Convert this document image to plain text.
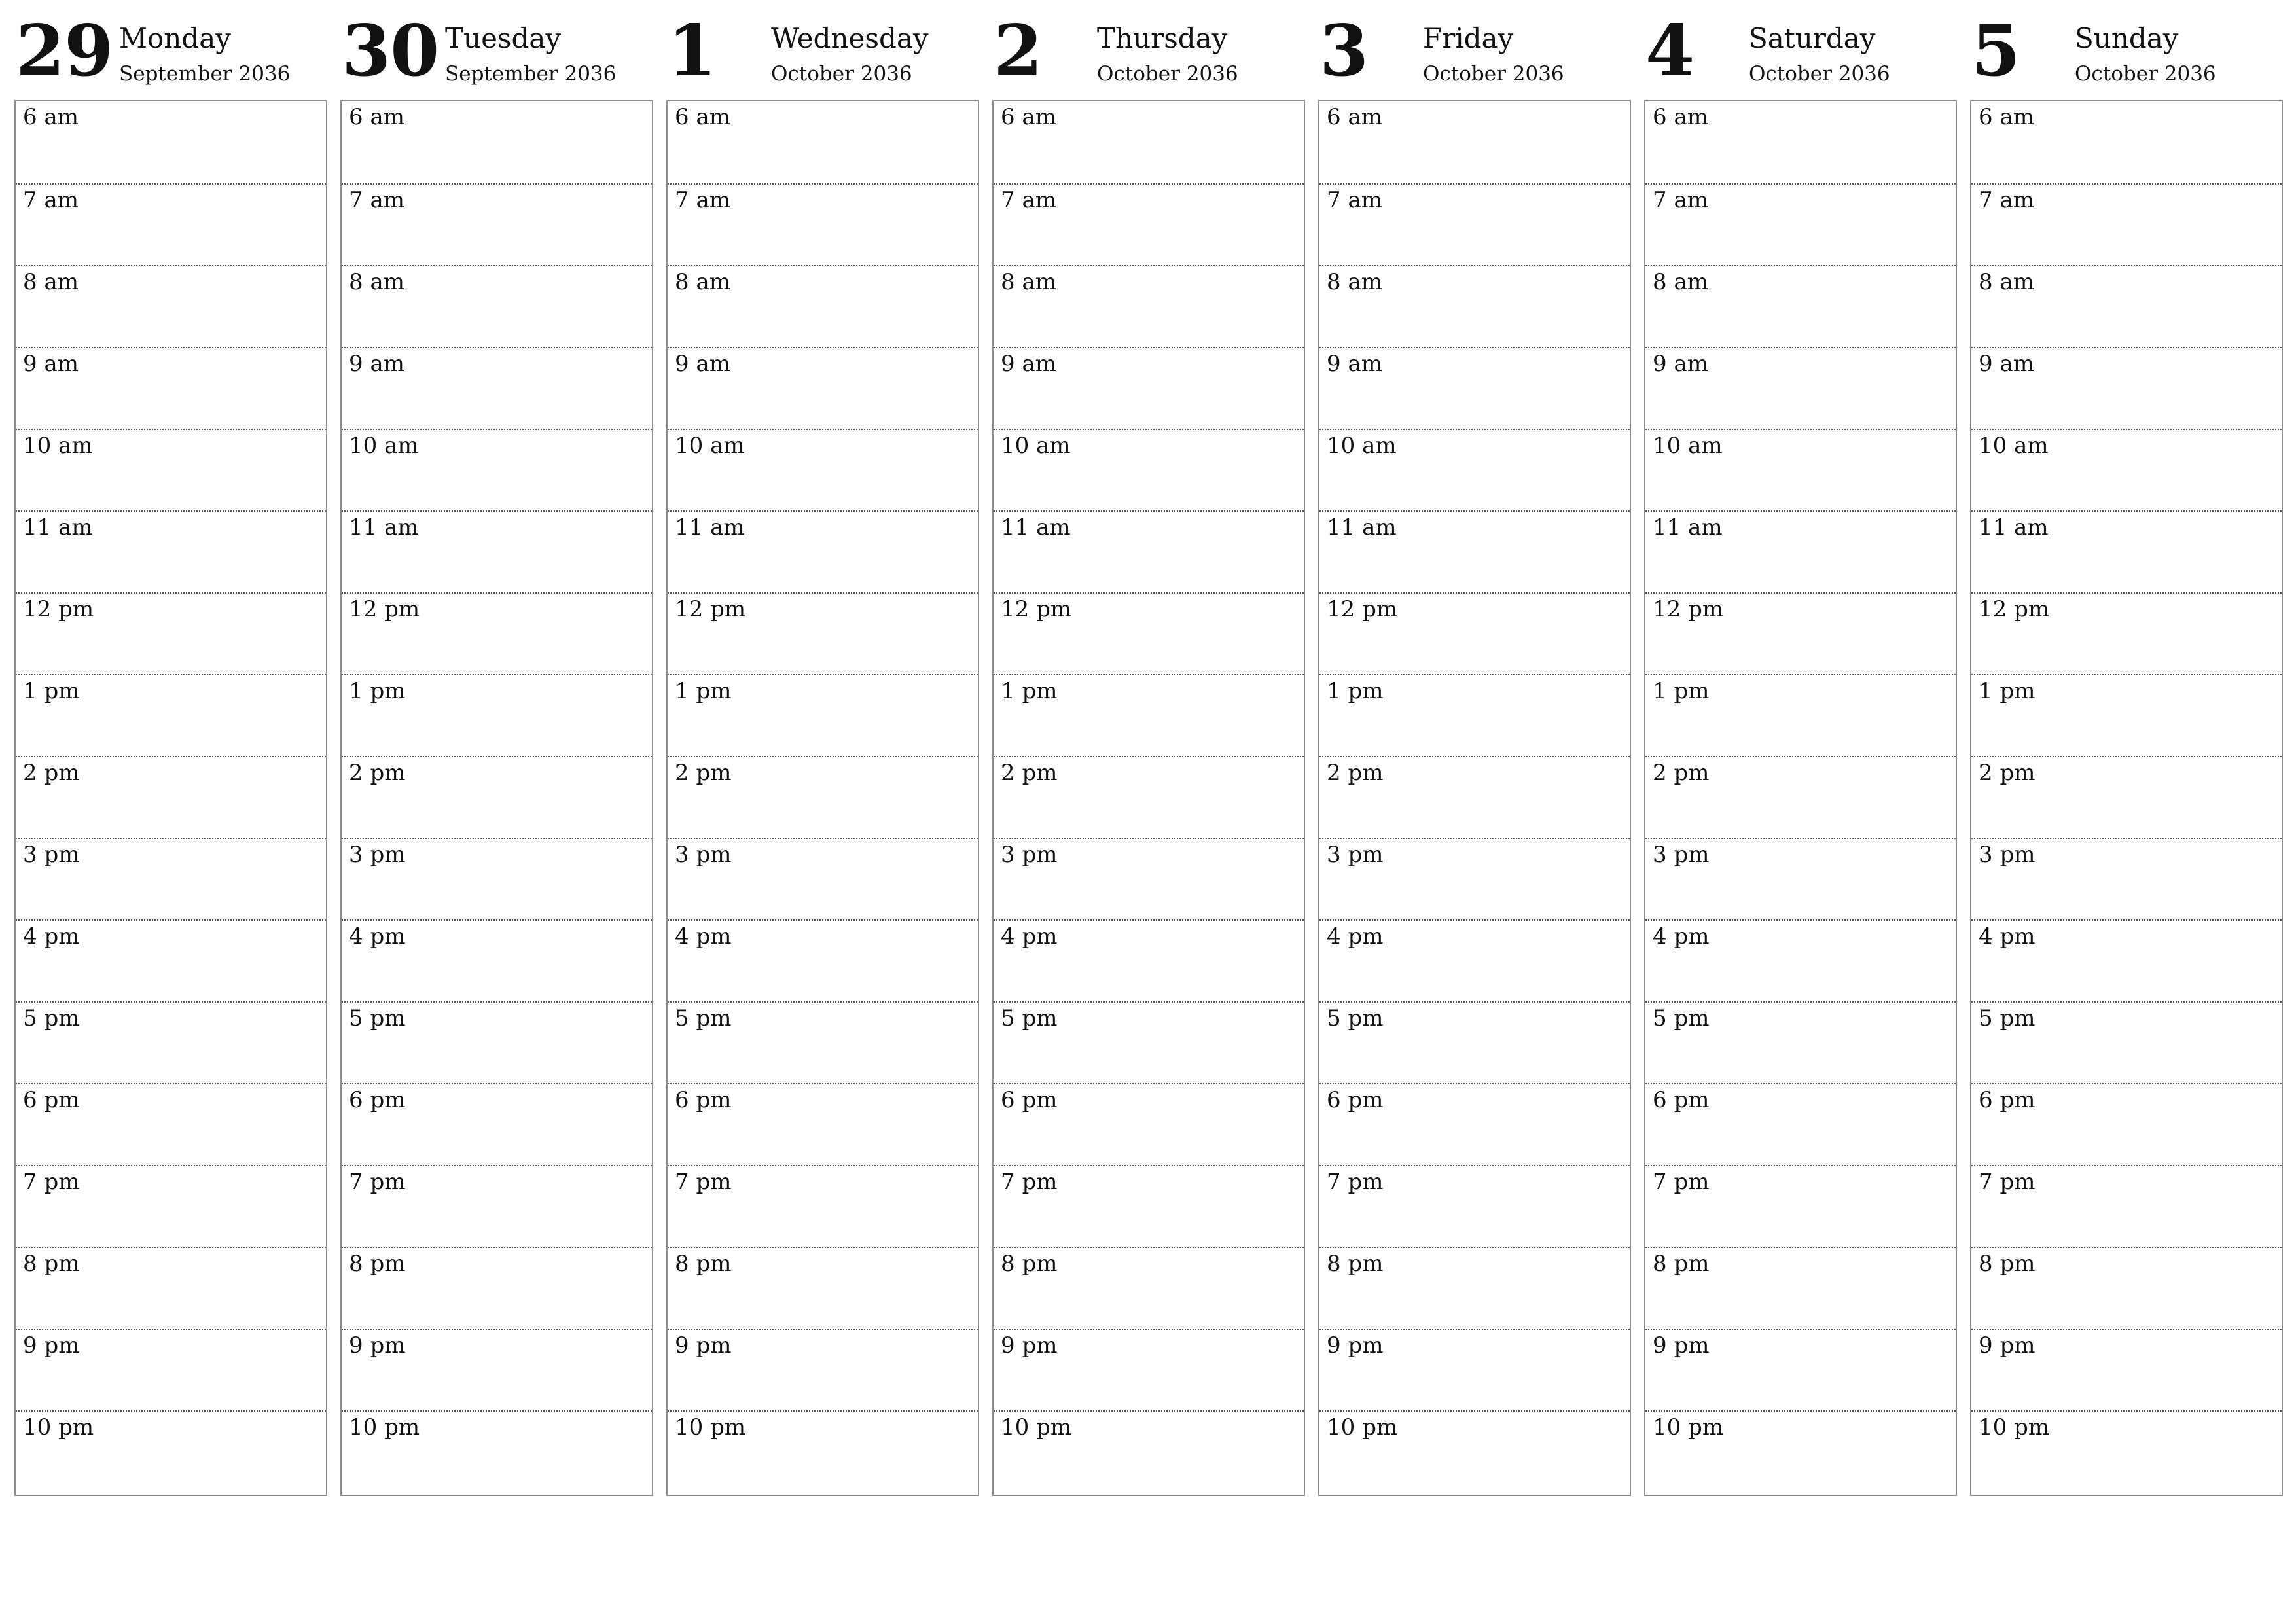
29 Monday
September 2036
6 am
7 am
8 am
9 am
10 am
11 am
12 pm
1 pm
2 pm
3 pm
4 pm
5 pm
6 pm
7 pm
8 pm
9 pm
10 pm
30 Tuesday
September 2036
6 am
7 am
8 am
9 am
10 am
11 am
12 pm
1 pm
2 pm
3 pm
4 pm
5 pm
6 pm
7 pm
8 pm
9 pm
10 pm
1 Wednesday
October 2036
6 am
7 am
8 am
9 am
10 am
11 am
12 pm
1 pm
2 pm
3 pm
4 pm
5 pm
6 pm
7 pm
8 pm
9 pm
10 pm
2 Thursday
October 2036
6 am
7 am
8 am
9 am
10 am
11 am
12 pm
1 pm
2 pm
3 pm
4 pm
5 pm
6 pm
7 pm
8 pm
9 pm
10 pm
3 Friday
October 2036
6 am
7 am
8 am
9 am
10 am
11 am
12 pm
1 pm
2 pm
3 pm
4 pm
5 pm
6 pm
7 pm
8 pm
9 pm
10 pm
4 Saturday
October 2036
6 am
7 am
8 am
9 am
10 am
11 am
12 pm
1 pm
2 pm
3 pm
4 pm
5 pm
6 pm
7 pm
8 pm
9 pm
10 pm
5 Sunday
October 2036
6 am
7 am
8 am
9 am
10 am
11 am
12 pm
1 pm
2 pm
3 pm
4 pm
5 pm
6 pm
7 pm
8 pm
9 pm
10 pm
